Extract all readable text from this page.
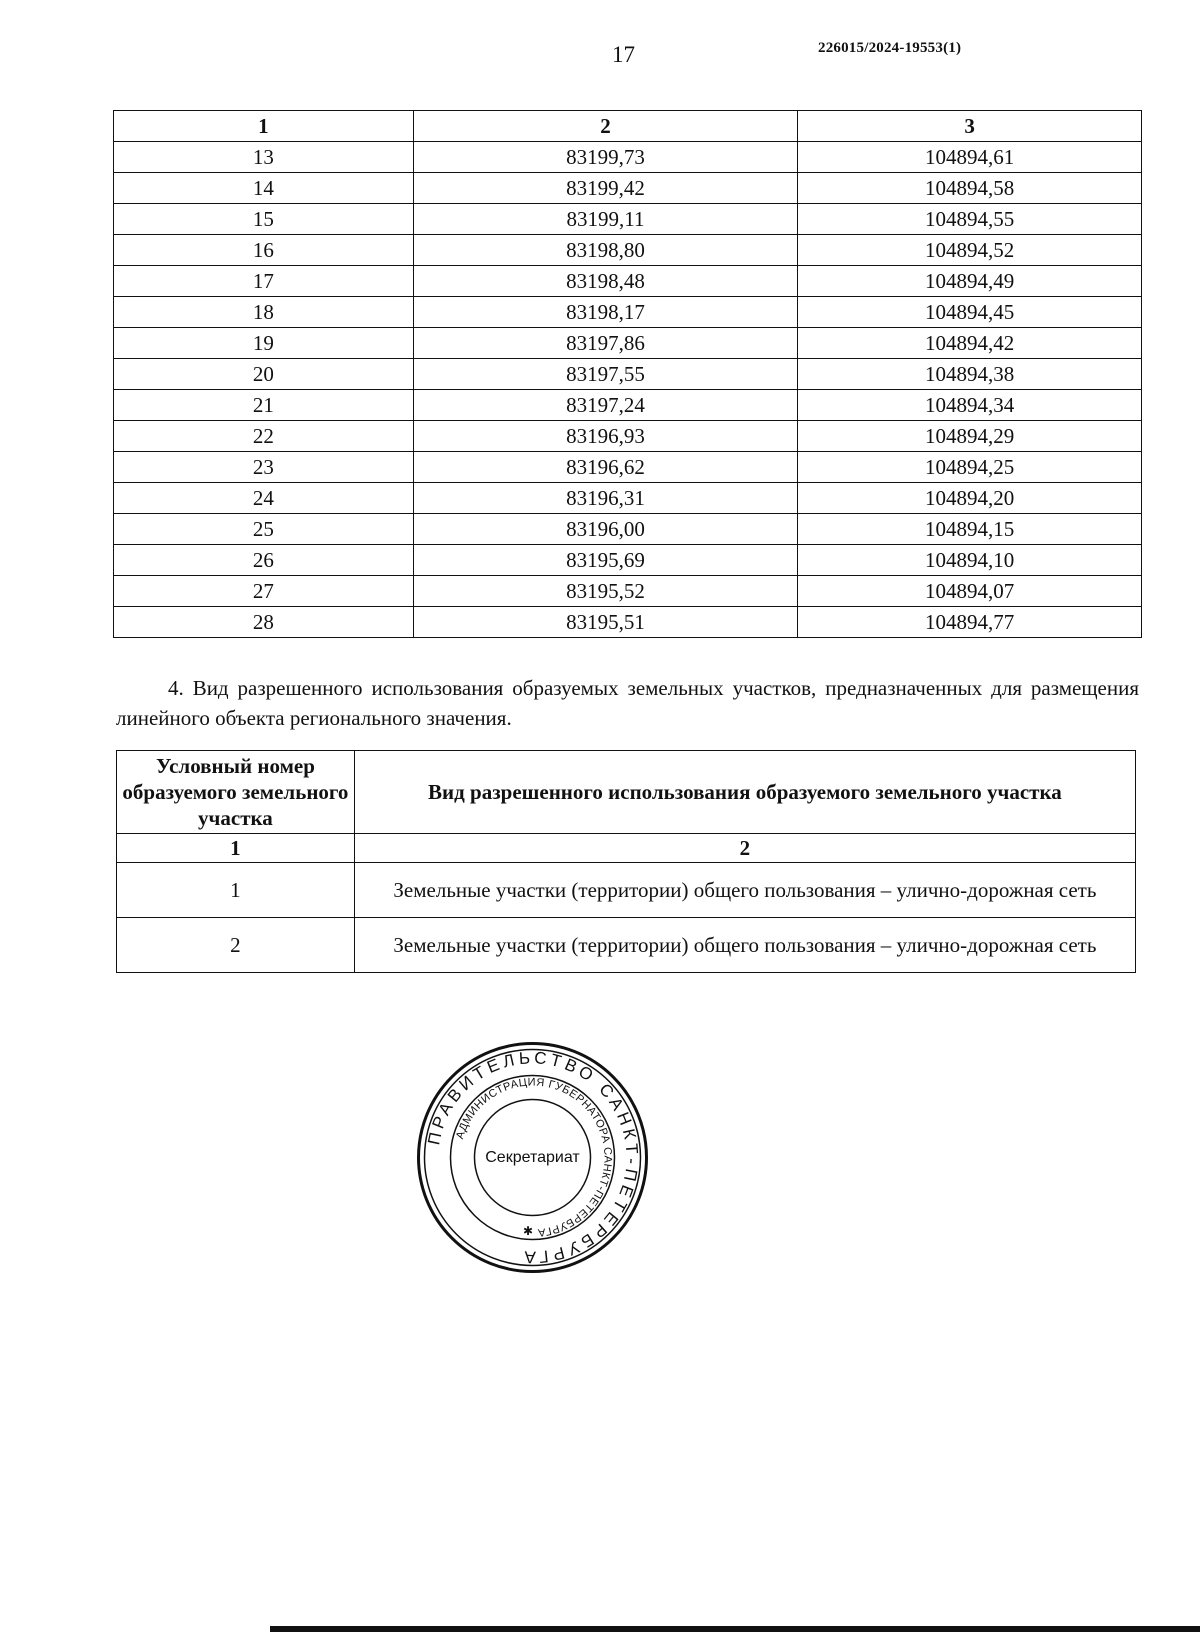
17	226015/2024-19553(1)
1	2	3
13	83199,73	104894,61
14	83199,42	104894,58
15	83199,11	104894,55
16	83198,80	104894,52
17	83198,48	104894,49
18	83198,17	104894,45
19	83197,86	104894,42
20	83197,55	104894,38
21	83197,24	104894,34
22	83196,93	104894,29
23	83196,62	104894,25
24	83196,31	104894,20
25	83196,00	104894,15
26	83195,69	104894,10
27	83195,52	104894,07
28	83195,51	104894,77
4. Вид разрешенного использования образуемых земельных участков, предназначенных для размещения линейного объекта регионального значения.
Условный номер образуемого земельного участка	Вид разрешенного использования образуемого земельного участка
1	2
1	Земельные участки (территории) общего пользования – улично-дорожная сеть
2	Земельные участки (территории) общего пользования – улично-дорожная сеть
ПРАВИТЕЛЬСТВО САНКТ-ПЕТЕРБУРГА
АДМИНИСТРАЦИЯ ГУБЕРНАТОРА САНКТ-ПЕТЕРБУРГА
Секретариат
✱
